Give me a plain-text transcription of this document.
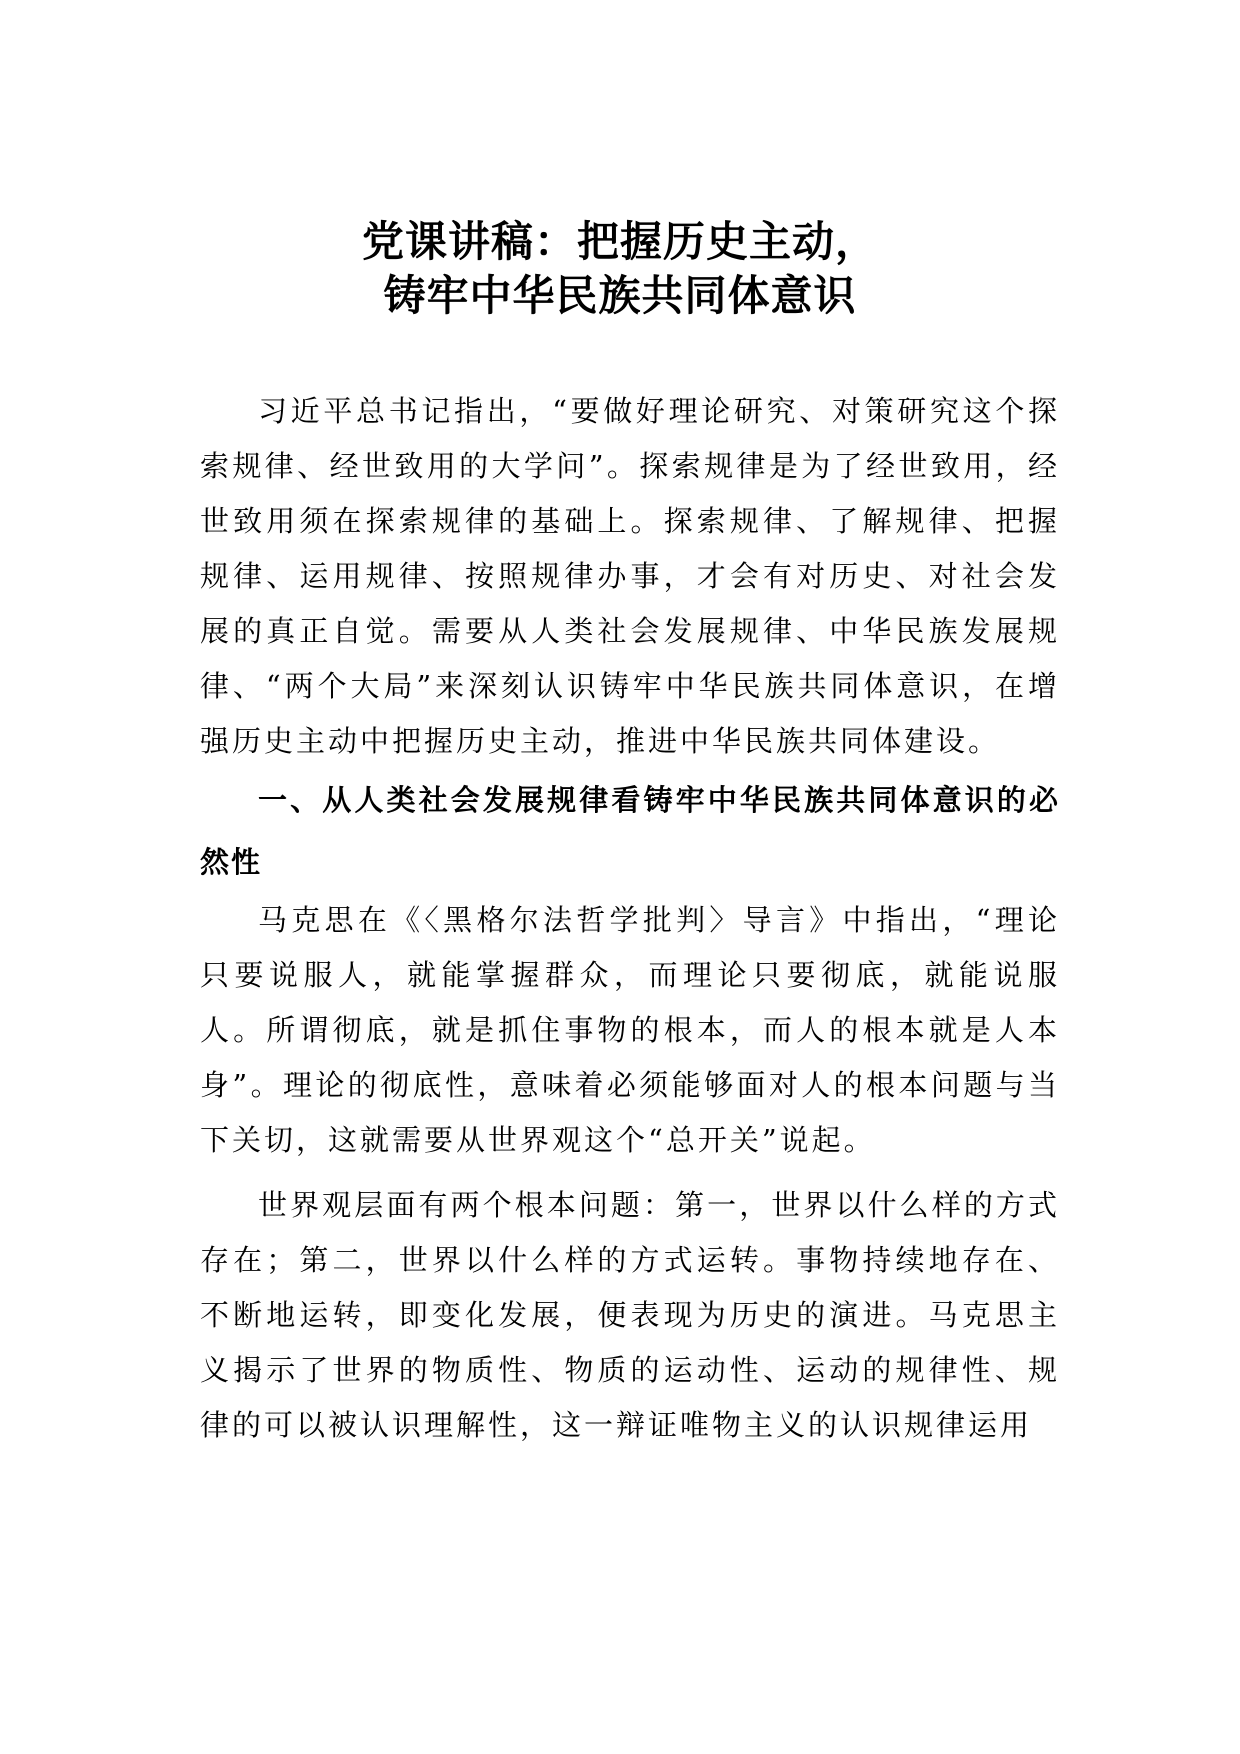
党课讲稿：把握历史主动，
铸牢中华民族共同体意识

习近平总书记指出，“要做好理论研究、对策研究这个探索规律、经世致用的大学问”。探索规律是为了经世致用，经世致用须在探索规律的基础上。探索规律、了解规律、把握规律、运用规律、按照规律办事，才会有对历史、对社会发展的真正自觉。需要从人类社会发展规律、中华民族发展规律、“两个大局”来深刻认识铸牢中华民族共同体意识，在增强历史主动中把握历史主动，推进中华民族共同体建设。

一、从人类社会发展规律看铸牢中华民族共同体意识的必然性

马克思在《〈黑格尔法哲学批判〉导言》中指出，“理论只要说服人，就能掌握群众，而理论只要彻底，就能说服人。所谓彻底，就是抓住事物的根本，而人的根本就是人本身”。理论的彻底性，意味着必须能够面对人的根本问题与当下关切，这就需要从世界观这个“总开关”说起。

世界观层面有两个根本问题：第一，世界以什么样的方式存在；第二，世界以什么样的方式运转。事物持续地存在、不断地运转，即变化发展，便表现为历史的演进。马克思主义揭示了世界的物质性、物质的运动性、运动的规律性、规律的可以被认识理解性，这一辩证唯物主义的认识规律运用
